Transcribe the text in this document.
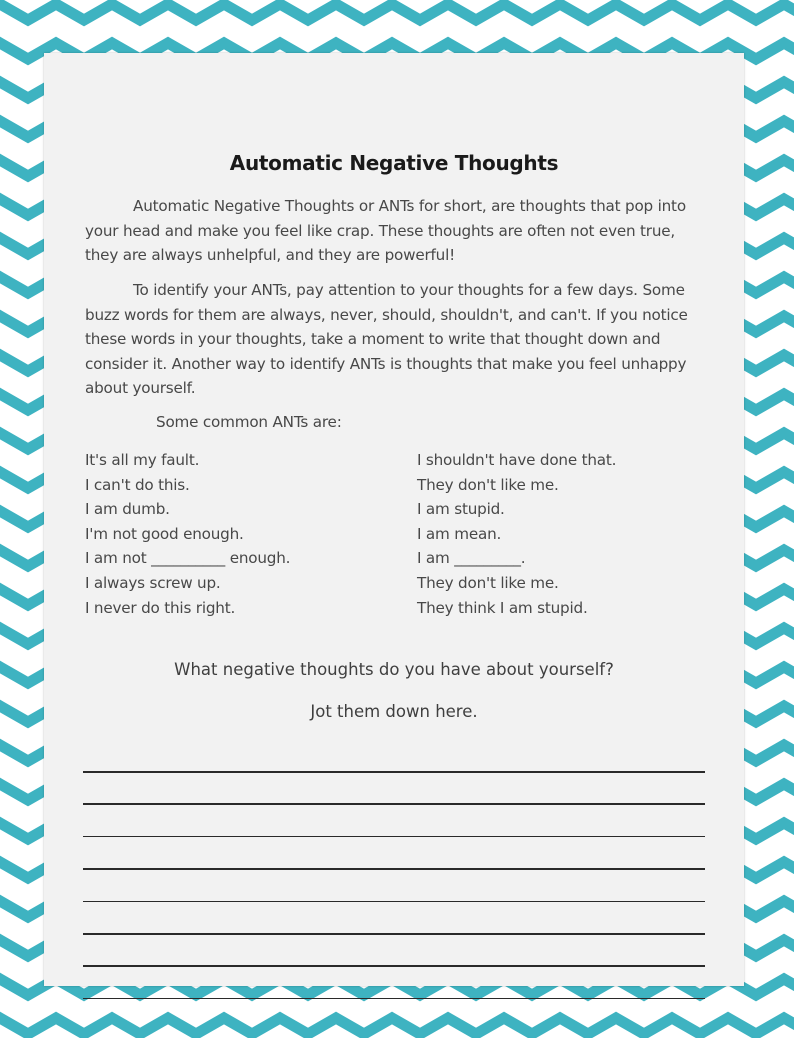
Automatic Negative Thoughts

Automatic Negative Thoughts or ANTs for short, are thoughts that pop into your head and make you feel like crap. These thoughts are often not even true, they are always unhelpful, and they are powerful!

To identify your ANTs, pay attention to your thoughts for a few days. Some buzz words for them are always, never, should, shouldn't, and can't. If you notice these words in your thoughts, take a moment to write that thought down and consider it. Another way to identify ANTs is thoughts that make you feel unhappy about yourself.

Some common ANTs are:

It's all my fault.
I can't do this.
I am dumb.
I'm not good enough.
I am not __________ enough.
I always screw up.
I never do this right.
I shouldn't have done that.
They don't like me.
I am stupid.
I am mean.
I am _________.
They don't like me.
They think I am stupid.

What negative thoughts do you have about yourself?

Jot them down here.
